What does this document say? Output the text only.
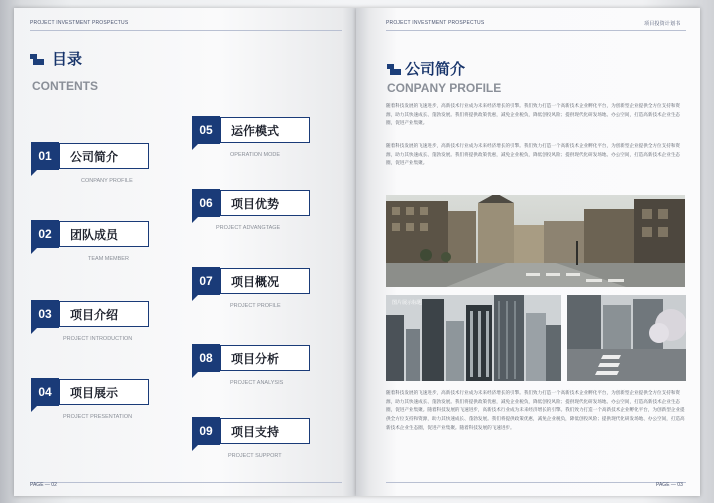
PROJECT INVESTMENT PROSPECTUS
目录
CONTENTS
01	公司简介
CONPANY PROFILE
02	团队成员
TEAM MEMBER
03	项目介绍
PROJECT INTRODUCTION
04	项目展示
PROJECT PRESENTATION
05	运作模式
OPERATION MODE
06	项目优势
PROJECT ADVANGTAGE
07	项目概况
PROJECT PROFILE
08	项目分析
PROJECT ANALYSIS
09	项目支持
PROJECT SUPPORT
PAGE — 02
PROJECT INVESTMENT PROSPECTUS	项目投资计划书
公司简介
CONPANY PROFILE
PAGE — 03
随着科技发展的飞速进步，高新技术行业成为未来经济增长的引擎。我们致力打造一个高新技术企业孵化平台，为创新型企业提供全方位支持和资源，助力其快速成长、蓬勃发展。我们将提供政策优惠，减免企业税负，降低创投风险；提供现代化研发场地、办公空间，打造高新技术企业生态圈，促进产业集聚。
随着科技发展的飞速进步，高新技术行业成为未来经济增长的引擎。我们致力打造一个高新技术企业孵化平台，为创新型企业提供全方位支持和资源，助力其快速成长、蓬勃发展。我们将提供政策优惠，减免企业税负，降低创投风险；提供现代化研发场地、办公空间，打造高新技术企业生态圈，促进产业集聚。
图片展示标题
随着科技发展的飞速进步，高新技术行业成为未来经济增长的引擎。我们致力打造一个高新技术企业孵化平台，为创新型企业提供全方位支持和资源，助力其快速成长、蓬勃发展。我们将提供政策优惠，减免企业税负，降低创投风险；提供现代化研发场地、办公空间，打造高新技术企业生态圈，促进产业集聚。随着科技发展的飞速进步，高新技术行业成为未来经济增长的引擎。我们致力打造一个高新技术企业孵化平台，为创新型企业提供全方位支持和资源，助力其快速成长、蓬勃发展。我们将提供政策优惠，减免企业税负，降低创投风险；提供现代化研发场地、办公空间，打造高新技术企业生态圈，促进产业集聚。随着科技发展的飞速进步。
